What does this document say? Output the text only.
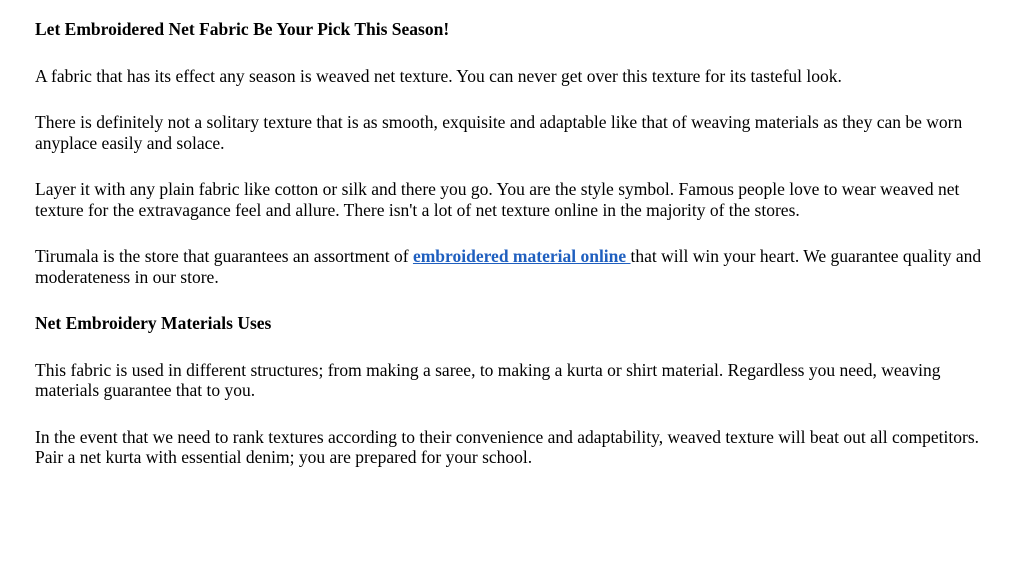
Let Embroidered Net Fabric Be Your Pick This Season!
A fabric that has its effect any season is weaved net texture. You can never get over this texture for its tasteful look.
There is definitely not a solitary texture that is as smooth, exquisite and adaptable like that of weaving materials as they can be worn anyplace easily and solace.
Layer it with any plain fabric like cotton or silk and there you go. You are the style symbol. Famous people love to wear weaved net texture for the extravagance feel and allure. There isn't a lot of net texture online in the majority of the stores.
Tirumala is the store that guarantees an assortment of embroidered material online that will win your heart. We guarantee quality and moderateness in our store.
Net Embroidery Materials Uses
This fabric is used in different structures; from making a saree, to making a kurta or shirt material. Regardless you need, weaving materials guarantee that to you.
In the event that we need to rank textures according to their convenience and adaptability, weaved texture will beat out all competitors. Pair a net kurta with essential denim; you are prepared for your school.
